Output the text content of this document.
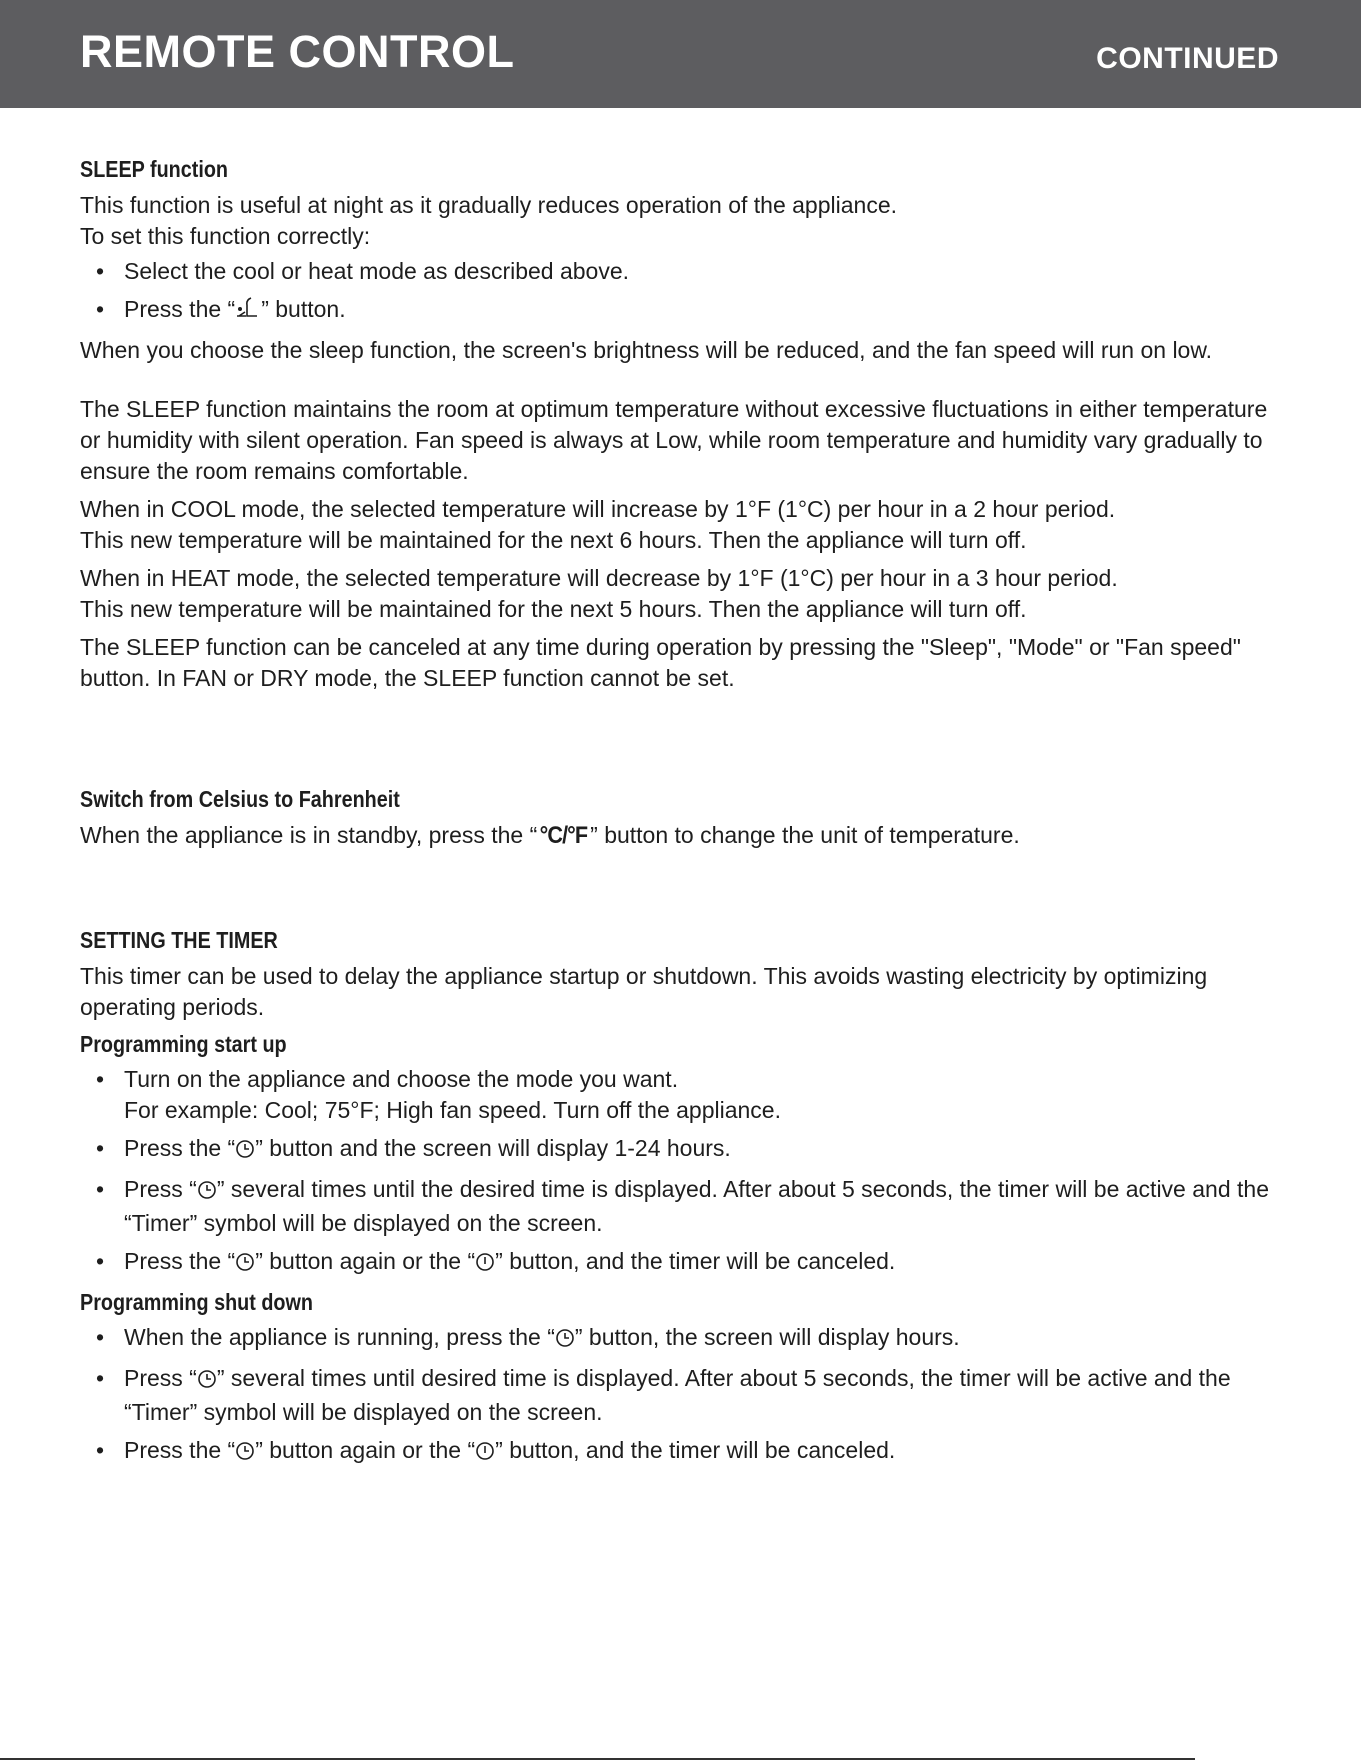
REMOTE CONTROL	CONTINUED
SLEEP function

This function is useful at night as it gradually reduces operation of the appliance.

To set this function correctly:

• Select the cool or heat mode as described above.
• Press the “ ” button.

When you choose the sleep function, the screen's brightness will be reduced, and the fan speed will run on low.

The SLEEP function maintains the room at optimum temperature without excessive fluctuations in either temperature or humidity with silent operation. Fan speed is always at Low, while room temperature and humidity vary gradually to ensure the room remains comfortable.

When in COOL mode, the selected temperature will increase by 1°F (1°C) per hour in a 2 hour period.

This new temperature will be maintained for the next 6 hours. Then the appliance will turn off.

When in HEAT mode, the selected temperature will decrease by 1°F (1°C) per hour in a 3 hour period.

This new temperature will be maintained for the next 5 hours. Then the appliance will turn off.

The SLEEP function can be canceled at any time during operation by pressing the "Sleep", "Mode" or "Fan speed" button. In FAN or DRY mode, the SLEEP function cannot be set.

Switch from Celsius to Fahrenheit

When the appliance is in standby, press the “ °C/°F ” button to change the unit of temperature.

SETTING THE TIMER

This timer can be used to delay the appliance startup or shutdown. This avoids wasting electricity by optimizing operating periods.

Programming start up
• Turn on the appliance and choose the mode you want.
For example: Cool; 75°F; High fan speed. Turn off the appliance.
• Press the “ ” button and the screen will display 1-24 hours.
• Press “ ” several times until the desired time is displayed. After about 5 seconds, the timer will be active and the “Timer” symbol will be displayed on the screen.
• Press the “ ” button again or the “ ” button, and the timer will be canceled.
Programming shut down
• When the appliance is running, press the “ ” button, the screen will display hours.
• Press “ ” several times until desired time is displayed. After about 5 seconds, the timer will be active and the “Timer” symbol will be displayed on the screen.
• Press the “ ” button again or the “ ” button, and the timer will be canceled.
